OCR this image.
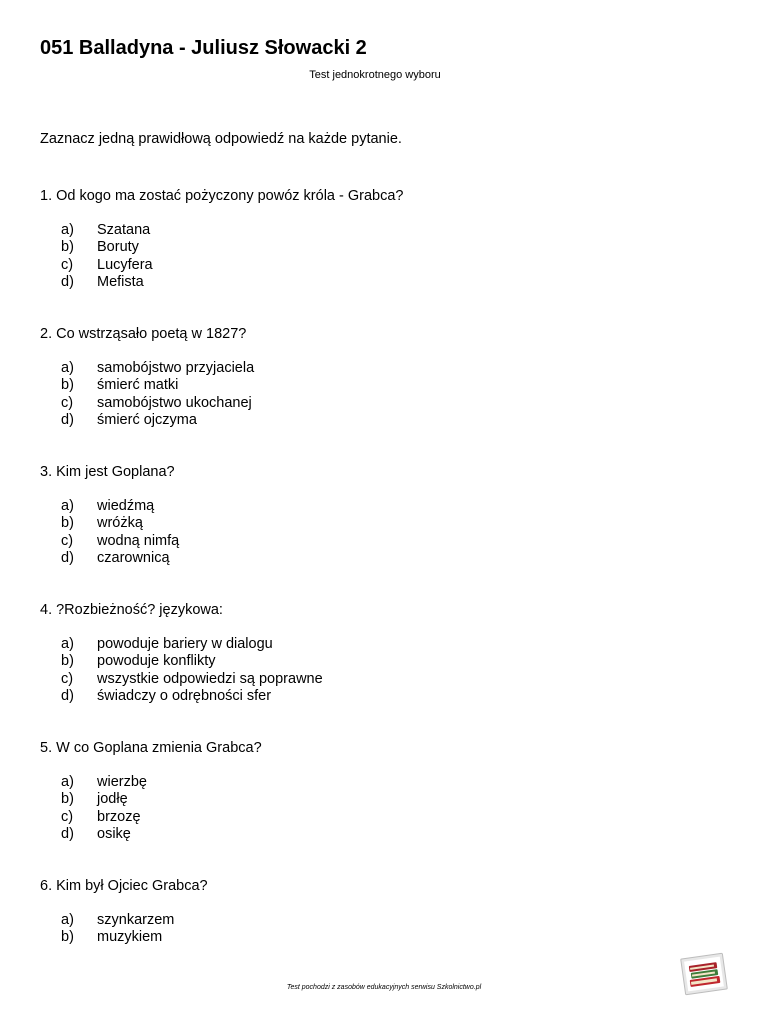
051 Balladyna - Juliusz Słowacki 2
Test jednokrotnego wyboru
Zaznacz jedną prawidłową odpowiedź na każde pytanie.

1. Od kogo ma zostać pożyczony powóz króla - Grabca?

a)	Szatana
b)	Boruty
c)	Lucyfera
d)	Mefista

2. Co wstrząsało poetą w 1827?

a)	samobójstwo przyjaciela
b)	śmierć matki
c)	samobójstwo ukochanej
d)	śmierć ojczyma

3. Kim jest Goplana?

a)	wiedźmą
b)	wróżką
c)	wodną nimfą
d)	czarownicą

4. ?Rozbieżność? językowa:

a)	powoduje bariery w dialogu
b)	powoduje konflikty
c)	wszystkie odpowiedzi są poprawne
d)	świadczy o odrębności sfer

5. W co Goplana zmienia Grabca?

a)	wierzbę
b)	jodłę
c)	brzozę
d)	osikę

6. Kim był Ojciec Grabca?

a)	szynkarzem
b)	muzykiem
Test pochodzi z zasobów edukacyjnych serwisu Szkolnictwo.pl
